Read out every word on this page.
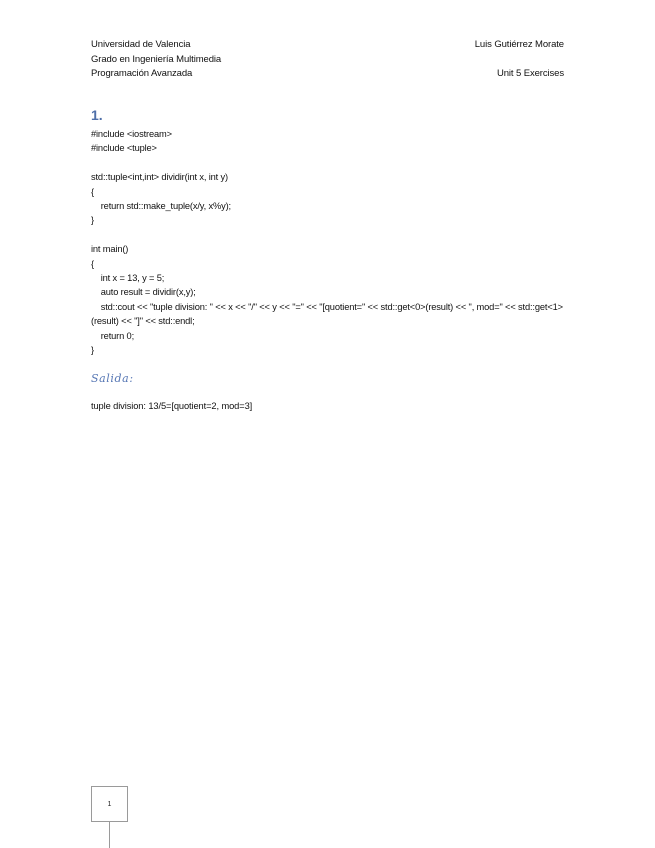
Universidad de Valencia
Grado en Ingeniería Multimedia
Programación Avanzada
Luis Gutiérrez Morate
Unit 5 Exercises
1.
#include <iostream>
#include <tuple>
std::tuple<int,int> dividir(int x, int y)
{
return std::make_tuple(x/y, x%y);
}
int main()
{
int x = 13, y = 5;
auto result = dividir(x,y);
std::cout << "tuple division: " << x << "/" << y << "=" << "[quotient=" << std::get<0>(result) << ", mod=" << std::get<1>(result) << "]" << std::endl;
return 0;
}
Salida:
tuple division: 13/5=[quotient=2, mod=3]
1
